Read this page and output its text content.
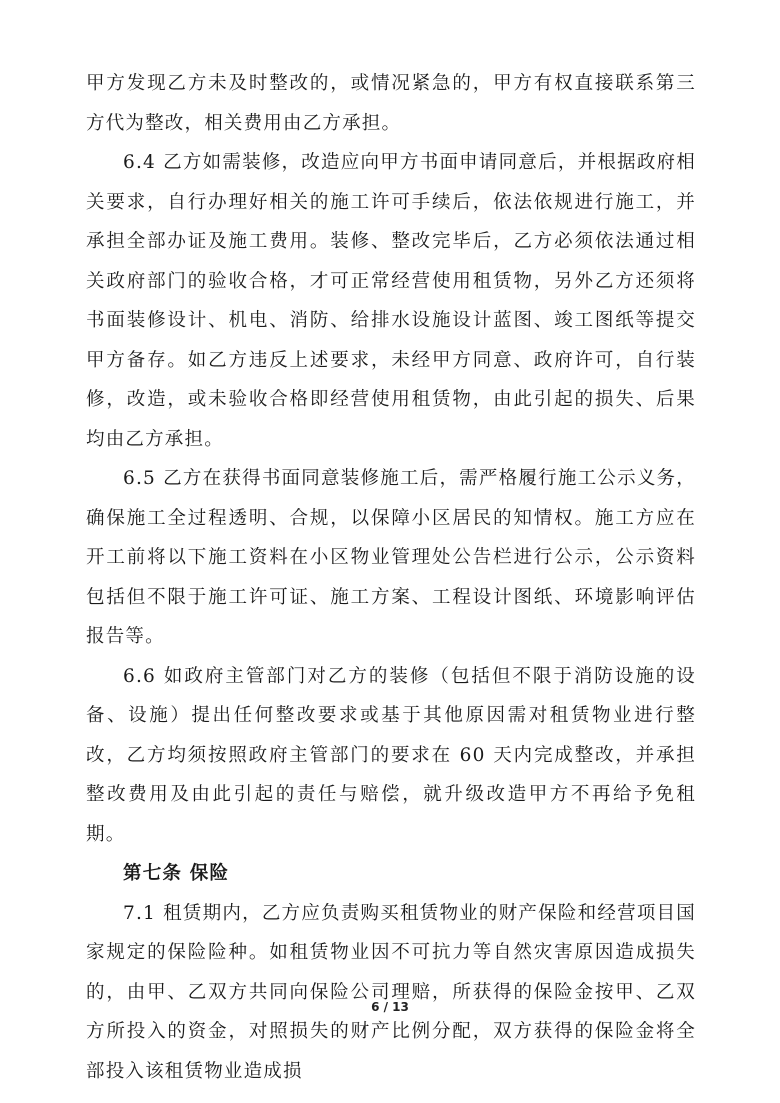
甲方发现乙方未及时整改的，或情况紧急的，甲方有权直接联系第三方代为整改，相关费用由乙方承担。

6.4 乙方如需装修，改造应向甲方书面申请同意后，并根据政府相关要求，自行办理好相关的施工许可手续后，依法依规进行施工，并承担全部办证及施工费用。装修、整改完毕后，乙方必须依法通过相关政府部门的验收合格，才可正常经营使用租赁物，另外乙方还须将书面装修设计、机电、消防、给排水设施设计蓝图、竣工图纸等提交甲方备存。如乙方违反上述要求，未经甲方同意、政府许可，自行装修，改造，或未验收合格即经营使用租赁物，由此引起的损失、后果均由乙方承担。

6.5 乙方在获得书面同意装修施工后，需严格履行施工公示义务，确保施工全过程透明、合规，以保障小区居民的知情权。施工方应在开工前将以下施工资料在小区物业管理处公告栏进行公示，公示资料包括但不限于施工许可证、施工方案、工程设计图纸、环境影响评估报告等。

6.6 如政府主管部门对乙方的装修（包括但不限于消防设施的设备、设施）提出任何整改要求或基于其他原因需对租赁物业进行整改，乙方均须按照政府主管部门的要求在 60 天内完成整改，并承担整改费用及由此引起的责任与赔偿，就升级改造甲方不再给予免租期。

第七条 保险

7.1 租赁期内，乙方应负责购买租赁物业的财产保险和经营项目国家规定的保险险种。如租赁物业因不可抗力等自然灾害原因造成损失的，由甲、乙双方共同向保险公司理赔，所获得的保险金按甲、乙双方所投入的资金，对照损失的财产比例分配，双方获得的保险金将全部投入该租赁物业造成损

6 / 13
